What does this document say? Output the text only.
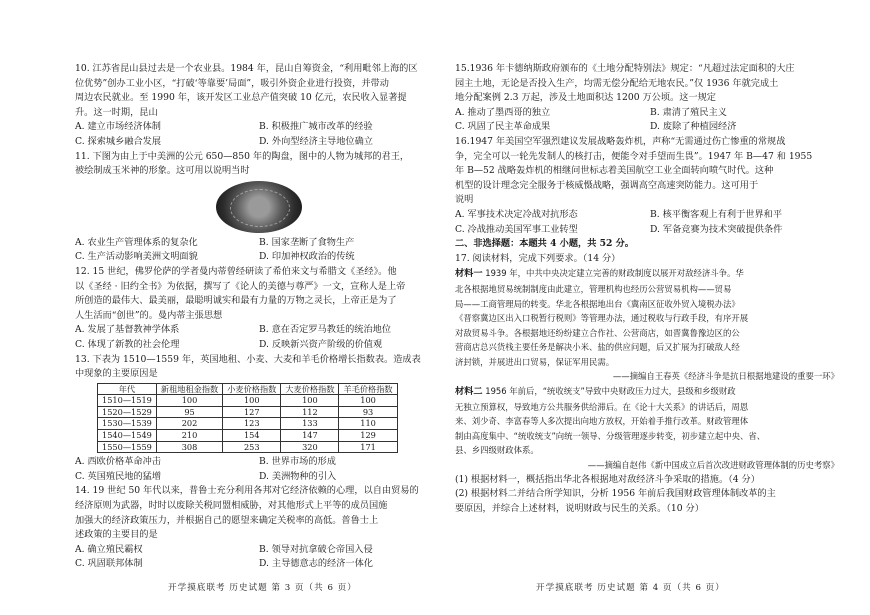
10. 江苏省昆山县过去是一个农业县。1984 年，昆山自筹资金，“利用毗邻上海的区

位优势”创办工业小区，“打破‘等靠要’局面”，吸引外资企业进行投资，并带动

周边农民就业。至 1990 年，该开发区工业总产值突破 10 亿元，农民收入显著提

升。这一时期，昆山

A. 建立市场经济体制	B. 积极推广城市改革的经验
C. 探索城乡融合发展	D. 外向型经济主导地位确立

11. 下图为由上于中美洲的公元 650—850 年的陶盘，图中的人物为城邦的君王，

被绘制成玉米神的形象。这可用以说明当时

A. 农业生产管理体系的复杂化	B. 国家垄断了食物生产
C. 生产活动影响美洲文明面貌	D. 印加神权政治的传统

12. 15 世纪，佛罗伦萨的学者曼内蒂曾经研读了希伯来文与希腊文《圣经》。他

以《圣经 · 旧约全书》为依据，撰写了《论人的美德与尊严》一文，宣称人是上帝

所创造的最伟大、最美丽，最聪明诚实和最有力量的万物之灵长，上帝正是为了

人生活而“创世”的。曼内蒂主張思想

A. 发展了基督教神学体系	B. 意在否定罗马教廷的统治地位
C. 体现了新教的社会伦理	D. 反映新兴资产阶级的价值观

13. 下表为 1510—1559 年，英国地租、小麦、大麦和羊毛价格增长指数表。造成表

中现象的主要原因是

年代	新租地租金指数	小麦价格指数	大麦价格指数	羊毛价格指数
1510—1519	100	100	100	100
1520—1529	95	127	112	93
1530—1539	202	123	133	110
1540—1549	210	154	147	129
1550—1559	308	253	320	171
A. 西欧价格革命冲击	B. 世界市场的形成
C. 英国殖民地的猛增	D. 美洲物种的引入

14. 19 世纪 50 年代以来，普鲁士充分利用各邦对它经济依赖的心理，以自由贸易的

经济原则为武器，时时以废除关税同盟相威胁，对其他形式上平等的成员国施

加强大的经济政策压力，并根据自己的愿望来确定关税率的高低。普鲁士上

述政策的主要目的是

A. 确立殖民霸权	B. 领导对抗拿破仑帝国入侵
C. 巩固联邦体制	D. 主导德意志的经济一体化

15.1936 年卡德纳斯政府颁布的《土地分配特别法》规定：“凡超过法定面积的大庄

园主土地，无论是否投入生产，均需无偿分配给无地农民。”仅 1936 年就完成土

地分配案例 2.3 万起，涉及土地面积达 1200 万公顷。这一规定

A. 推动了墨西哥的独立	B. 肃清了殖民主义
C. 巩固了民主革命成果	D. 废除了种植园经济

16.1947 年美国空军强烈建议发展战略轰炸机，声称“无需通过伤亡惨重的常规战

争，完全可以一轮先发制人的核打击，便能令对手望而生畏”。1947 年 B—47 和 1955

年 B—52 战略轰炸机的相继问世标志着美国航空工业全面转向喷气时代。这种

机型的设计理念完全服务于核威慑战略，强调高空高速突防能力。这可用于

说明

A. 军事技术决定冷战对抗形态	B. 核平衡客观上有利于世界和平
C. 冷战推动美国军事工业转型	D. 军备竞赛为技术突破提供条件

二、非选择题：本题共 4 小题，共 52 分。

17. 阅读材料，完成下列要求。（14 分）

材料一 1939 年，中共中央决定建立完善的财政制度以展开对敌经济斗争。华

北各根据地贸易统制制度由此建立，管理机构也经历公营贸易机构——贸易

局——工商管理局的转变。华北各根据地出台《冀南区征收外贸入境税办法》

《晋察冀边区出入口税暂行税则》等管理办法，通过税收与行政手段，有序开展

对敌贸易斗争。各根据地还纷纷建立合作社、公营商店，如晋冀鲁豫边区的公

营商店总兴货栈主要任务是解决小米、盐的供应问题，后又扩展为打破敌人经

济封锁，并展进出口贸易，保证军用民需。

——摘编自王春英《经济斗争是抗日根据地建设的重要一环》

材料二 1956 年前后，“统收统支”导致中央财政压力过大，县级和乡级财政

无独立预算权，导致地方公共服务供给滞后。在《论十大关系》的讲话后，周恩

来、刘少奇、李富春等人多次提出向地方放权，开始着手推行改革。财政管理体

制由高度集中、“统收统支”向统一领导、分级管理逐步转变，初步建立起中央、省、

县、乡四级财政体系。

——摘编自赵伟《新中国成立后首次改进财政管理体制的历史考察》

(1) 根据材料一，概括指出华北各根据地对敌经济斗争采取的措施。（4 分）

(2) 根据材料二并结合所学知识，分析 1956 年前后我国财政管理体制改革的主

要原因，并综合上述材料，说明财政与民生的关系。（10 分）

开学摸底联考 历史试题 第 3 页（共 6 页）	开学摸底联考 历史试题 第 4 页（共 6 页）
